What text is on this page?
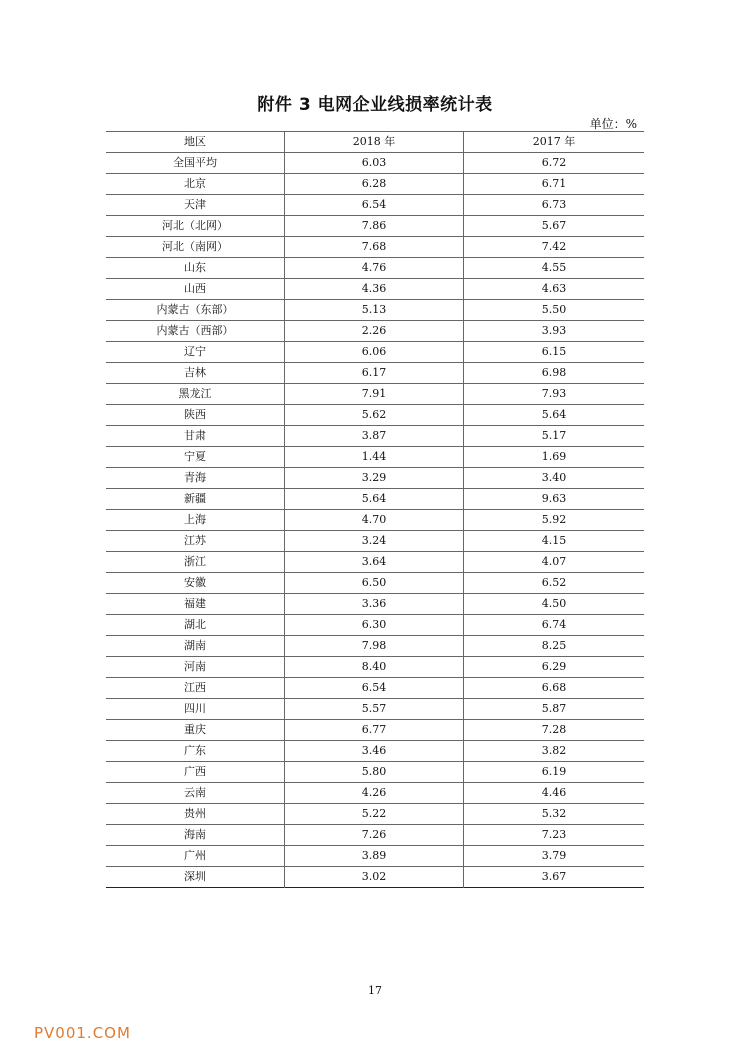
附件 3 电网企业线损率统计表
单位：%
地区	2018 年	2017 年
全国平均	6.03	6.72
北京	6.28	6.71
天津	6.54	6.73
河北（北网）	7.86	5.67
河北（南网）	7.68	7.42
山东	4.76	4.55
山西	4.36	4.63
内蒙古（东部）	5.13	5.50
内蒙古（西部）	2.26	3.93
辽宁	6.06	6.15
吉林	6.17	6.98
黑龙江	7.91	7.93
陕西	5.62	5.64
甘肃	3.87	5.17
宁夏	1.44	1.69
青海	3.29	3.40
新疆	5.64	9.63
上海	4.70	5.92
江苏	3.24	4.15
浙江	3.64	4.07
安徽	6.50	6.52
福建	3.36	4.50
湖北	6.30	6.74
湖南	7.98	8.25
河南	8.40	6.29
江西	6.54	6.68
四川	5.57	5.87
重庆	6.77	7.28
广东	3.46	3.82
广西	5.80	6.19
云南	4.26	4.46
贵州	5.22	5.32
海南	7.26	7.23
广州	3.89	3.79
深圳	3.02	3.67
17
PV001.COM
